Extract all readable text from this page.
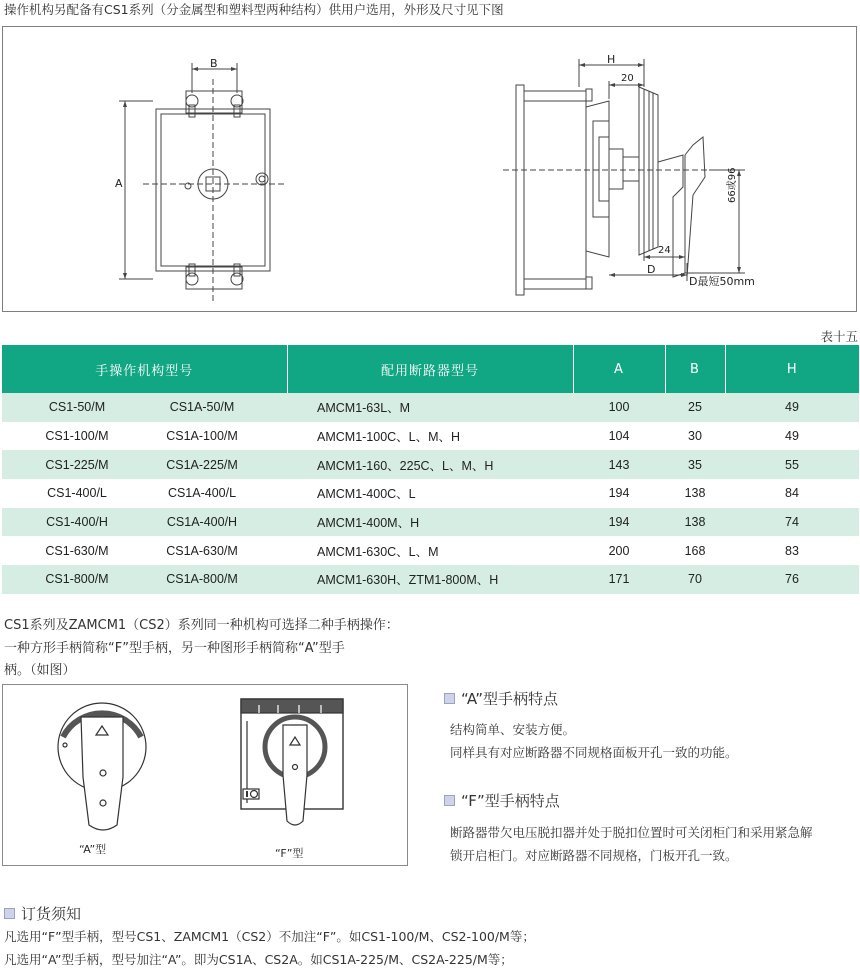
操作机构另配备有CS1系列（分金属型和塑料型两种结构）供用户选用，外形及尺寸见下图
B
A
H
20
24
D
66或96
D最短50mm
表十五
手操作机构型号	配用断路器型号	A	B	H
CS1-50/M CS1A-50/M	AMCM1-63L、M	100	25	49
CS1-100/M CS1A-100/M	AMCM1-100C、L、M、H	104	30	49
CS1-225/M CS1A-225/M	AMCM1-160、225C、L、M、H	143	35	55
CS1-400/L CS1A-400/L	AMCM1-400C、L	194	138	84
CS1-400/H CS1A-400/H	AMCM1-400M、H	194	138	74
CS1-630/M CS1A-630/M	AMCM1-630C、L、M	200	168	83
CS1-800/M CS1A-800/M	AMCM1-630H、ZTM1-800M、H	171	70	76
CS1系列及ZAMCM1（CS2）系列同一种机构可选择二种手柄操作：
一种方形手柄简称“F”型手柄，另一种图形手柄简称“A”型手
柄。（如图）
“A”型	“F”型
“A”型手柄特点
结构简单、安装方便。
同样具有对应断路器不同规格面板开孔一致的功能。
“F”型手柄特点
断路器带欠电压脱扣器并处于脱扣位置时可关闭柜门和采用紧急解
锁开启柜门。对应断路器不同规格，门板开孔一致。
订货须知
凡选用“F”型手柄，型号CS1、ZAMCM1（CS2）不加注“F”。如CS1-100/M、CS2-100/M等；
凡选用“A”型手柄，型号加注“A”。即为CS1A、CS2A。如CS1A-225/M、CS2A-225/M等；
